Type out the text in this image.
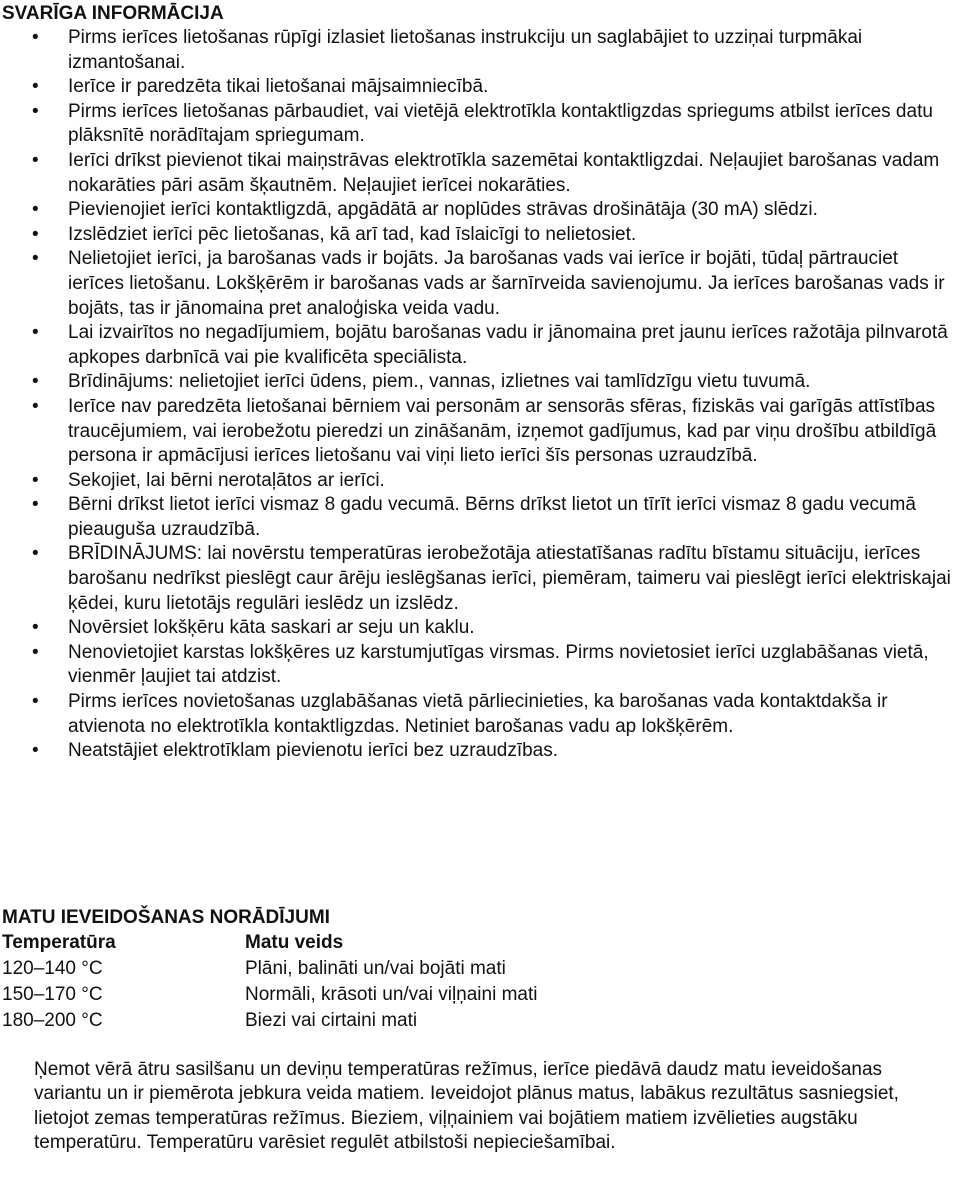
SVARĪGA INFORMĀCIJA
• Pirms ierīces lietošanas rūpīgi izlasiet lietošanas instrukciju un saglabājiet to uzziņai turpmākai izmantošanai.
• Ierīce ir paredzēta tikai lietošanai mājsaimniecībā.
• Pirms ierīces lietošanas pārbaudiet, vai vietējā elektrotīkla kontaktligzdas spriegums atbilst ierīces datu plāksnītē norādītajam spriegumam.
• Ierīci drīkst pievienot tikai maiņstrāvas elektrotīkla sazemētai kontaktligzdai. Neļaujiet barošanas vadam nokarāties pāri asām šķautnēm. Neļaujiet ierīcei nokarāties.
• Pievienojiet ierīci kontaktligzdā, apgādātā ar noplūdes strāvas drošinātāja (30 mA) slēdzi.
• Izslēdziet ierīci pēc lietošanas, kā arī tad, kad īslaicīgi to nelietosiet.
• Nelietojiet ierīci, ja barošanas vads ir bojāts. Ja barošanas vads vai ierīce ir bojāti, tūdaļ pārtrauciet ierīces lietošanu. Lokšķērēm ir barošanas vads ar šarnīrveida savienojumu. Ja ierīces barošanas vads ir bojāts, tas ir jānomaina pret analoģiska veida vadu.
• Lai izvairītos no negadījumiem, bojātu barošanas vadu ir jānomaina pret jaunu ierīces ražotāja pilnvarotā apkopes darbnīcā vai pie kvalificēta speciālista.
• Brīdinājums: nelietojiet ierīci ūdens, piem., vannas, izlietnes vai tamlīdzīgu vietu tuvumā.
• Ierīce nav paredzēta lietošanai bērniem vai personām ar sensorās sfēras, fiziskās vai garīgās attīstības traucējumiem, vai ierobežotu pieredzi un zināšanām, izņemot gadījumus, kad par viņu drošību atbildīgā persona ir apmācījusi ierīces lietošanu vai viņi lieto ierīci šīs personas uzraudzībā.
• Sekojiet, lai bērni nerotaļātos ar ierīci.
• Bērni drīkst lietot ierīci vismaz 8 gadu vecumā. Bērns drīkst lietot un tīrīt ierīci vismaz 8 gadu vecumā pieauguša uzraudzībā.
• BRĪDINĀJUMS: lai novērstu temperatūras ierobežotāja atiestatīšanas radītu bīstamu situāciju, ierīces barošanu nedrīkst pieslēgt caur ārēju ieslēgšanas ierīci, piemēram, taimeru vai pieslēgt ierīci elektriskajai ķēdei, kuru lietotājs regulāri ieslēdz un izslēdz.
• Novērsiet lokšķēru kāta saskari ar seju un kaklu.
• Nenovietojiet karstas lokšķēres uz karstumjutīgas virsmas. Pirms novietosiet ierīci uzglabāšanas vietā, vienmēr ļaujiet tai atdzist.
• Pirms ierīces novietošanas uzglabāšanas vietā pārliecinieties, ka barošanas vada kontaktdakša ir atvienota no elektrotīkla kontaktligzdas. Netiniet barošanas vadu ap lokšķērēm.
• Neatstājiet elektrotīklam pievienotu ierīci bez uzraudzības.
MATU IEVEIDOŠANAS NORĀDĪJUMI
Temperatūra	Matu veids
120–140 °C	Plāni, balināti un/vai bojāti mati
150–170 °C	Normāli, krāsoti un/vai viļņaini mati
180–200 °C	Biezi vai cirtaini mati

Ņemot vērā ātru sasilšanu un deviņu temperatūras režīmus, ierīce piedāvā daudz matu ieveidošanas variantu un ir piemērota jebkura veida matiem. Ieveidojot plānus matus, labākus rezultātus sasniegsiet, lietojot zemas temperatūras režīmus. Bieziem, viļņainiem vai bojātiem matiem izvēlieties augstāku temperatūru. Temperatūru varēsiet regulēt atbilstoši nepieciešamībai.
